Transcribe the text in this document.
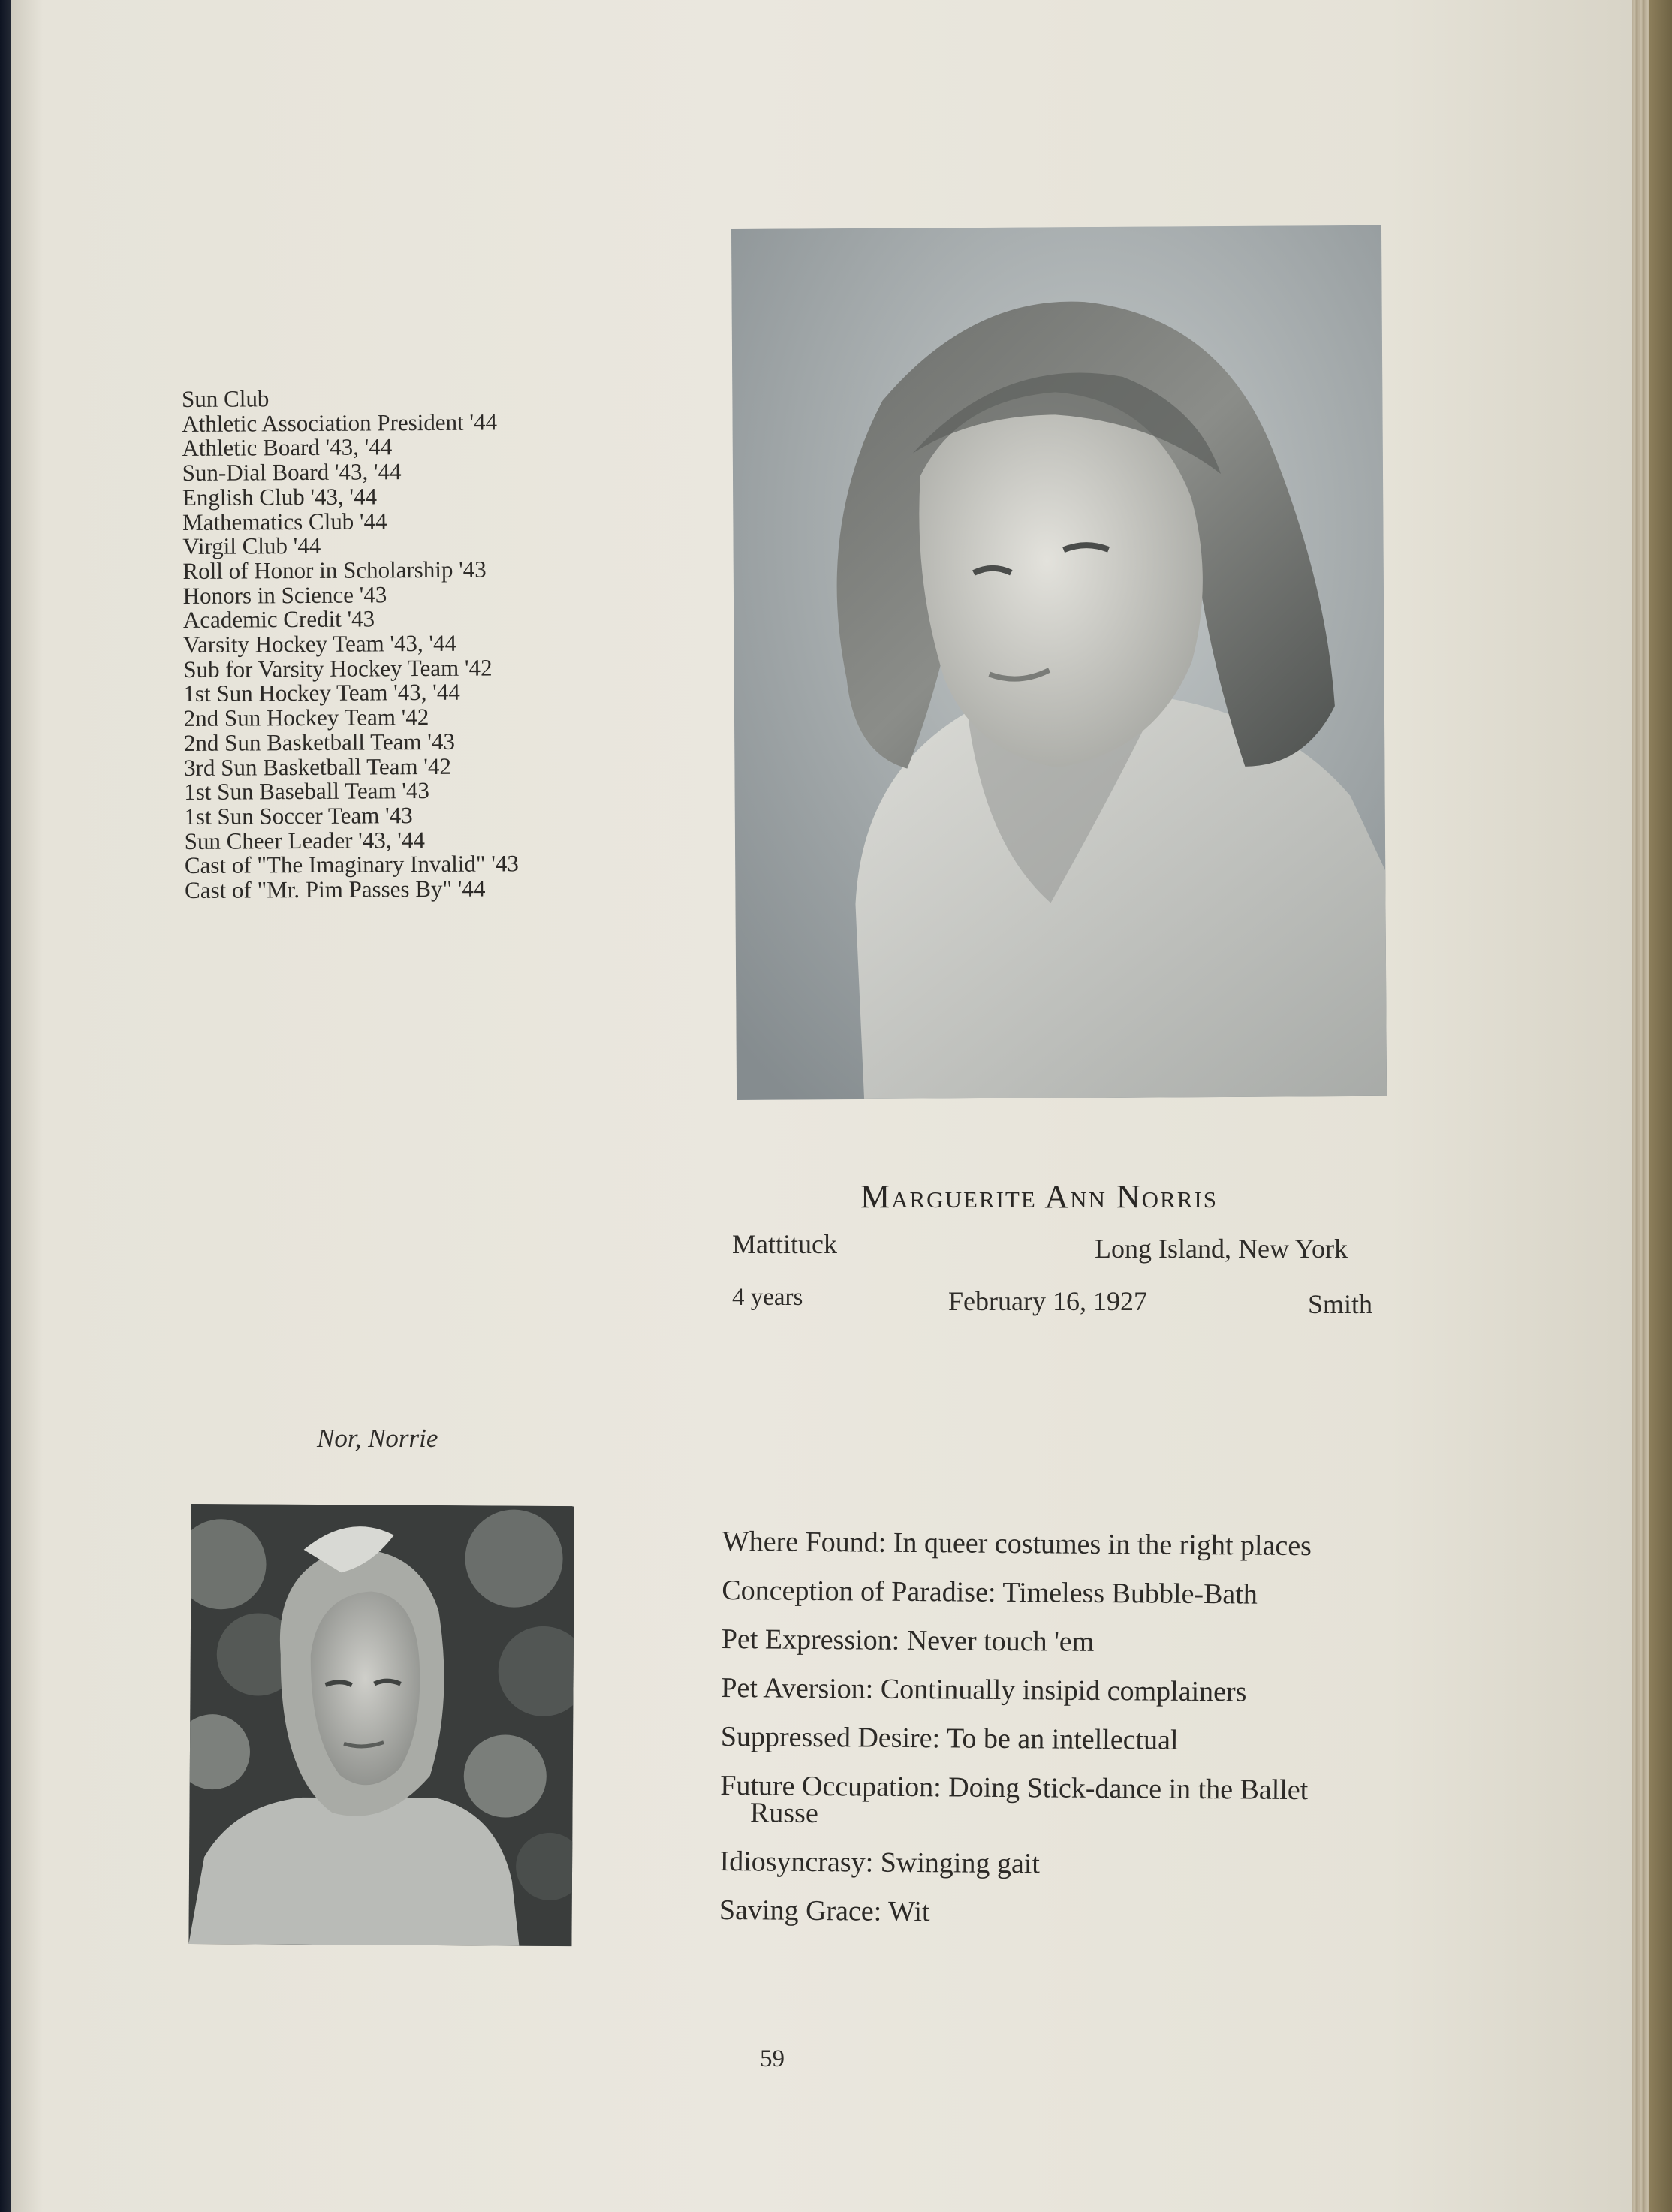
Sun Club
Athletic Association President '44
Athletic Board '43, '44
Sun-Dial Board '43, '44
English Club '43, '44
Mathematics Club '44
Virgil Club '44
Roll of Honor in Scholarship '43
Honors in Science '43
Academic Credit '43
Varsity Hockey Team '43, '44
Sub for Varsity Hockey Team '42
1st Sun Hockey Team '43, '44
2nd Sun Hockey Team '42
2nd Sun Basketball Team '43
3rd Sun Basketball Team '42
1st Sun Baseball Team '43
1st Sun Soccer Team '43
Sun Cheer Leader '43, '44
Cast of "The Imaginary Invalid" '43
Cast of "Mr. Pim Passes By" '44
Marguerite Ann Norris
Mattituck	Long Island, New York
4 years	February 16, 1927	Smith
Nor, Norrie
Where Found: In queer costumes in the right places
Conception of Paradise: Timeless Bubble-Bath
Pet Expression: Never touch 'em
Pet Aversion: Continually insipid complainers
Suppressed Desire: To be an intellectual
Future Occupation: Doing Stick-dance in the Ballet
Russe
Idiosyncrasy: Swinging gait
Saving Grace: Wit
59
